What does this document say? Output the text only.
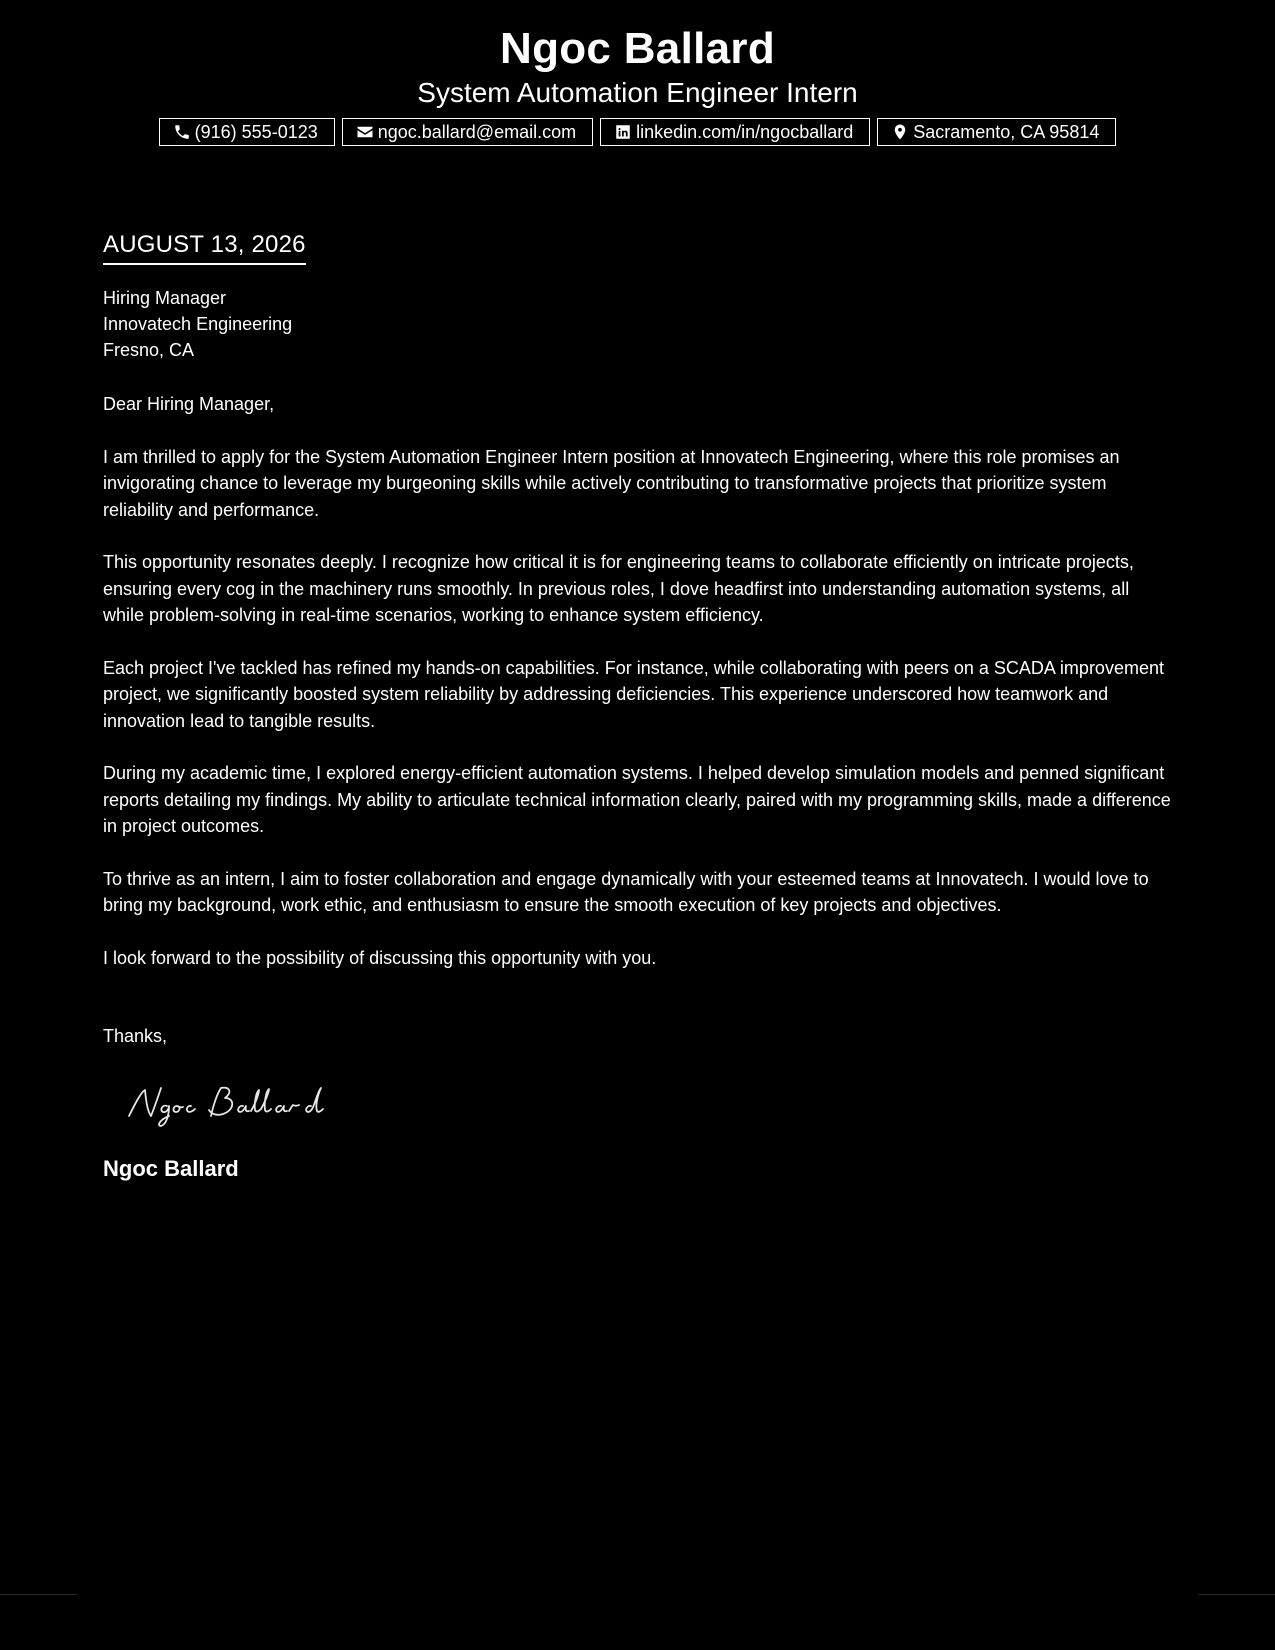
Ngoc Ballard
System Automation Engineer Intern
(916) 555-0123	ngoc.ballard@email.com	linkedin.com/in/ngocballard	Sacramento, CA 95814
AUGUST 13, 2026
Hiring Manager
Innovatech Engineering
Fresno, CA

Dear Hiring Manager,

I am thrilled to apply for the System Automation Engineer Intern position at Innovatech Engineering, where this role promises an invigorating chance to leverage my burgeoning skills while actively contributing to transformative projects that prioritize system reliability and performance.

This opportunity resonates deeply. I recognize how critical it is for engineering teams to collaborate efficiently on intricate projects, ensuring every cog in the machinery runs smoothly. In previous roles, I dove headfirst into understanding automation systems, all while problem-solving in real-time scenarios, working to enhance system efficiency.

Each project I've tackled has refined my hands-on capabilities. For instance, while collaborating with peers on a SCADA improvement project, we significantly boosted system reliability by addressing deficiencies. This experience underscored how teamwork and innovation lead to tangible results.

During my academic time, I explored energy-efficient automation systems. I helped develop simulation models and penned significant reports detailing my findings. My ability to articulate technical information clearly, paired with my programming skills, made a difference in project outcomes.

To thrive as an intern, I aim to foster collaboration and engage dynamically with your esteemed teams at Innovatech. I would love to bring my background, work ethic, and enthusiasm to ensure the smooth execution of key projects and objectives.

I look forward to the possibility of discussing this opportunity with you.

Thanks,

Ngoc Ballard
